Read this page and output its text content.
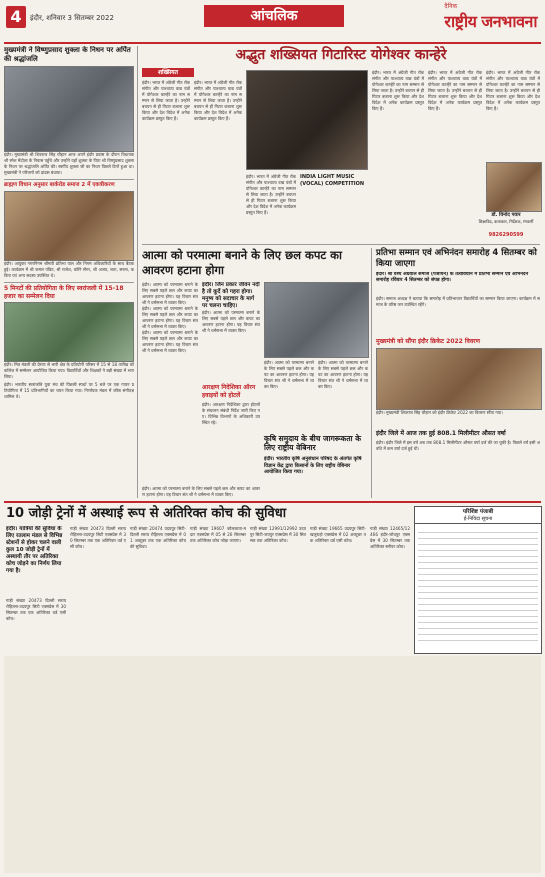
4	इंदौर, शनिवार 3 सितम्बर 2022	आंचलिक
दैनिक
राष्ट्रीय जनभावना
मुख्यमंत्री ने विष्णुप्रसाद शुक्ला के निधन पर अर्पित की श्रद्धांजलि
इंदौर। मुख्यमंत्री श्री शिवराज सिंह चौहान आज अपने इंदौर प्रवास के दौरान विधायक श्री रमेश मेंदोला के निवास पहुँचे और उन्होंने यहाँ शुक्ला के पिता श्री विष्णुप्रसाद शुक्ला के निधन पर श्रद्धांजलि अर्पित की। स्वर्गीय शुक्ला जी का निधन पिछले दिनों हुआ था। मुख्यमंत्री ने परिजनों को ढांढस बंधाया।
ब्राह्मण विधान अनुसार बार्करोड समाज 2 में एकत्रीकरण
इंदौर। आयुक्त नगरनिगम श्रीमती प्रतिभा पाल और निगम अधिकारियों के साथ बैठक हुई। कार्यक्रम में श्री कमल पंडित, श्री राजेश, कोनि सेंगर, श्री अजय, लता, सरला, कविता एवं अन्य सदस्य उपस्थित थे।
5 मिनटों की प्रतियोगिता के लिए स्वरांजली में 15-18 हजार का सम्मेलन दिया
इंदौर। मित्र मंडली की प्रेरणा से भारी क्षेत्र के प्रतियोगी परिसर में 15 से 18 तारीख को कॉलेज में सम्मेलन आयोजित किया गया। विद्यार्थियों और शिक्षकों ने बड़ी संख्या में भाग लिया।
इंदौर। भारतीय स्वरांजलि युवा मंच की पिछली स्पर्धा पर 5 बजे पर एक गायन प्रतियोगिता में 15 प्रतिभागियों का चयन किया गया। निर्णायक मंडल में वरिष्ठ संगीतज्ञ शामिल थे।
अद्भुत शख्सियत गिटारिस्ट योगेश्वर कान्हेरे
शख्सियत
इंदौर। भारत में अंग्रेजी गीत रॉक संगीत और पाश्चात्य वाद्य यंत्रों में योगेश्वर कान्हेरे का नाम सम्मान से लिया जाता है। उन्होंने बचपन से ही गिटार बजाना शुरू किया और देश विदेश में अनेक कार्यक्रम प्रस्तुत किए हैं।
इंदौर। भारत में अंग्रेजी गीत रॉक संगीत और पाश्चात्य वाद्य यंत्रों में योगेश्वर कान्हेरे का नाम सम्मान से लिया जाता है। उन्होंने बचपन से ही गिटार बजाना शुरू किया और देश विदेश में अनेक कार्यक्रम प्रस्तुत किए हैं।
INDIA LIGHT MUSIC (VOCAL) COMPETITION
इंदौर। भारत में अंग्रेजी गीत रॉक संगीत और पाश्चात्य वाद्य यंत्रों में योगेश्वर कान्हेरे का नाम सम्मान से लिया जाता है। उन्होंने बचपन से ही गिटार बजाना शुरू किया और देश विदेश में अनेक कार्यक्रम प्रस्तुत किए हैं।
इंदौर। भारत में अंग्रेजी गीत रॉक संगीत और पाश्चात्य वाद्य यंत्रों में योगेश्वर कान्हेरे का नाम सम्मान से लिया जाता है। उन्होंने बचपन से ही गिटार बजाना शुरू किया और देश विदेश में अनेक कार्यक्रम प्रस्तुत किए हैं।
इंदौर। भारत में अंग्रेजी गीत रॉक संगीत और पाश्चात्य वाद्य यंत्रों में योगेश्वर कान्हेरे का नाम सम्मान से लिया जाता है। उन्होंने बचपन से ही गिटार बजाना शुरू किया और देश विदेश में अनेक कार्यक्रम प्रस्तुत किए हैं।
इंदौर। भारत में अंग्रेजी गीत रॉक संगीत और पाश्चात्य वाद्य यंत्रों में योगेश्वर कान्हेरे का नाम सम्मान से लिया जाता है। उन्होंने बचपन से ही गिटार बजाना शुरू किया और देश विदेश में अनेक कार्यक्रम प्रस्तुत किए हैं।
डॉ. विनोद पवार
शिक्षाविद, कलाकार, निर्देशक, रंगकर्मी
9826290599
आत्मा को परमात्मा बनाने के लिए छल कपट का आवरण हटाना होगा
इंदौर। आत्मा को परमात्मा बनाने के लिए सबसे पहले छल और कपट का आवरण हटाना होगा। यह विचार संत श्री ने धर्मसभा में व्यक्त किए।
इंदौर। आत्मा को परमात्मा बनाने के लिए सबसे पहले छल और कपट का आवरण हटाना होगा। यह विचार संत श्री ने धर्मसभा में व्यक्त किए।
इंदौर। आत्मा को परमात्मा बनाने के लिए सबसे पहले छल और कपट का आवरण हटाना होगा। यह विचार संत श्री ने धर्मसभा में व्यक्त किए।
इंदौर। जिन प्रकार जीवन नदी है तो कूदें को गहरा होगा। मनुष्य को सदाचार के मार्ग पर चलना चाहिए।
इंदौर। आत्मा को परमात्मा बनाने के लिए सबसे पहले छल और कपट का आवरण हटाना होगा। यह विचार संत श्री ने धर्मसभा में व्यक्त किए।
इंदौर। आत्मा को परमात्मा बनाने के लिए सबसे पहले छल और कपट का आवरण हटाना होगा। यह विचार संत श्री ने धर्मसभा में व्यक्त किए।
इंदौर। आत्मा को परमात्मा बनाने के लिए सबसे पहले छल और कपट का आवरण हटाना होगा। यह विचार संत श्री ने धर्मसभा में व्यक्त किए।
आरक्षण निदेशिका ऑरन हवाइयों को होटलें
इंदौर। आरक्षण निदेशिका द्वारा होटलों के संचालन संबंधी निर्देश जारी किए गए। विभिन्न विभागों के अधिकारी उपस्थित रहे।
कृषि समुदाय के बीच जागरूकता के लिए राष्ट्रीय वेबिनार
इंदौर। भारतीय कृषि अनुसंधान परिषद के अंतर्गत कृषि विज्ञान केंद्र द्वारा किसानों के लिए राष्ट्रीय वेबिनार आयोजित किया गया।
इंदौर। आत्मा को परमात्मा बनाने के लिए सबसे पहले छल और कपट का आवरण हटाना होगा। यह विचार संत श्री ने धर्मसभा में व्यक्त किए।
प्रतिभा सम्मान एवं अभिनंदन समारोह 4 सितम्बर को किया जाएगा
इंदौर। श्री वैश्य अग्रवाल समाज (पंजीयन) के तत्वावधान में प्रतिभा सम्मान एवं अभिनंदन समारोह रविवार 4 सितम्बर को संपन्न होगा।
इंदौर। समाज अध्यक्ष ने बताया कि समारोह में प्रतिभावान विद्यार्थियों का सम्मान किया जाएगा। कार्यक्रम में समाज के वरिष्ठ जन उपस्थित रहेंगे।
मुख्यमंत्री को सौंपा इंदौर क्रिकेट 2022 विवरण
इंदौर। मुख्यमंत्री शिवराज सिंह चौहान को इंदौर क्रिकेट 2022 का विवरण सौंपा गया।
इंदौर जिले में आज तक हुई 808.1 मिलीमीटर औसत वर्षा
इंदौर। इंदौर जिले में इस वर्ष अब तक 808.1 मिलीमीटर औसत वर्षा दर्ज की जा चुकी है। पिछले वर्ष इसी अवधि में कम वर्षा दर्ज हुई थी।
10 जोड़ी ट्रेनों में अस्थाई रूप से अतिरिक्त कोच की सुविधा
इंदौर। यात्रियों की सुविधा के लिए रतलाम मंडल से विभिन्न स्टेशनों से होकर चलने वाली कुल 10 जोड़ी ट्रेनों में अस्थायी तौर पर अतिरिक्त कोच जोड़ने का निर्णय लिया गया है।
गाड़ी संख्या 20473 दिल्ली सराय रोहिल्ला-उदयपुर सिटी एक्सप्रेस में 30 सितम्बर तक एक अतिरिक्त थर्ड एसी कोच।
गाड़ी संख्या 20473 दिल्ली सराय रोहिल्ला-उदयपुर सिटी एक्सप्रेस में 30 सितम्बर तक एक अतिरिक्त थर्ड एसी कोच।
गाड़ी संख्या 20474 उदयपुर सिटी-दिल्ली सराय रोहिल्ला एक्सप्रेस में 01 अक्टूबर तक एक अतिरिक्त कोच की सुविधा।
गाड़ी संख्या 19607 कोलकाता-मदार एक्सप्रेस में 05 से 26 सितम्बर तक अतिरिक्त कोच जोड़ा जाएगा।
गाड़ी संख्या 12991/12992 उदयपुर सिटी-जयपुर एक्सप्रेस में 30 सितम्बर तक अतिरिक्त कोच।
गाड़ी संख्या 19665 उदयपुर सिटी-खजुराहो एक्सप्रेस में 02 अक्टूबर तक अतिरिक्त थर्ड एसी कोच।
गाड़ी संख्या 12465/12466 इंदौर-जोधपुर एक्सप्रेस में 30 सितम्बर तक अतिरिक्त स्लीपर कोच।
परिशिष्ट पंजाबी
ई-निविदा सूचना
